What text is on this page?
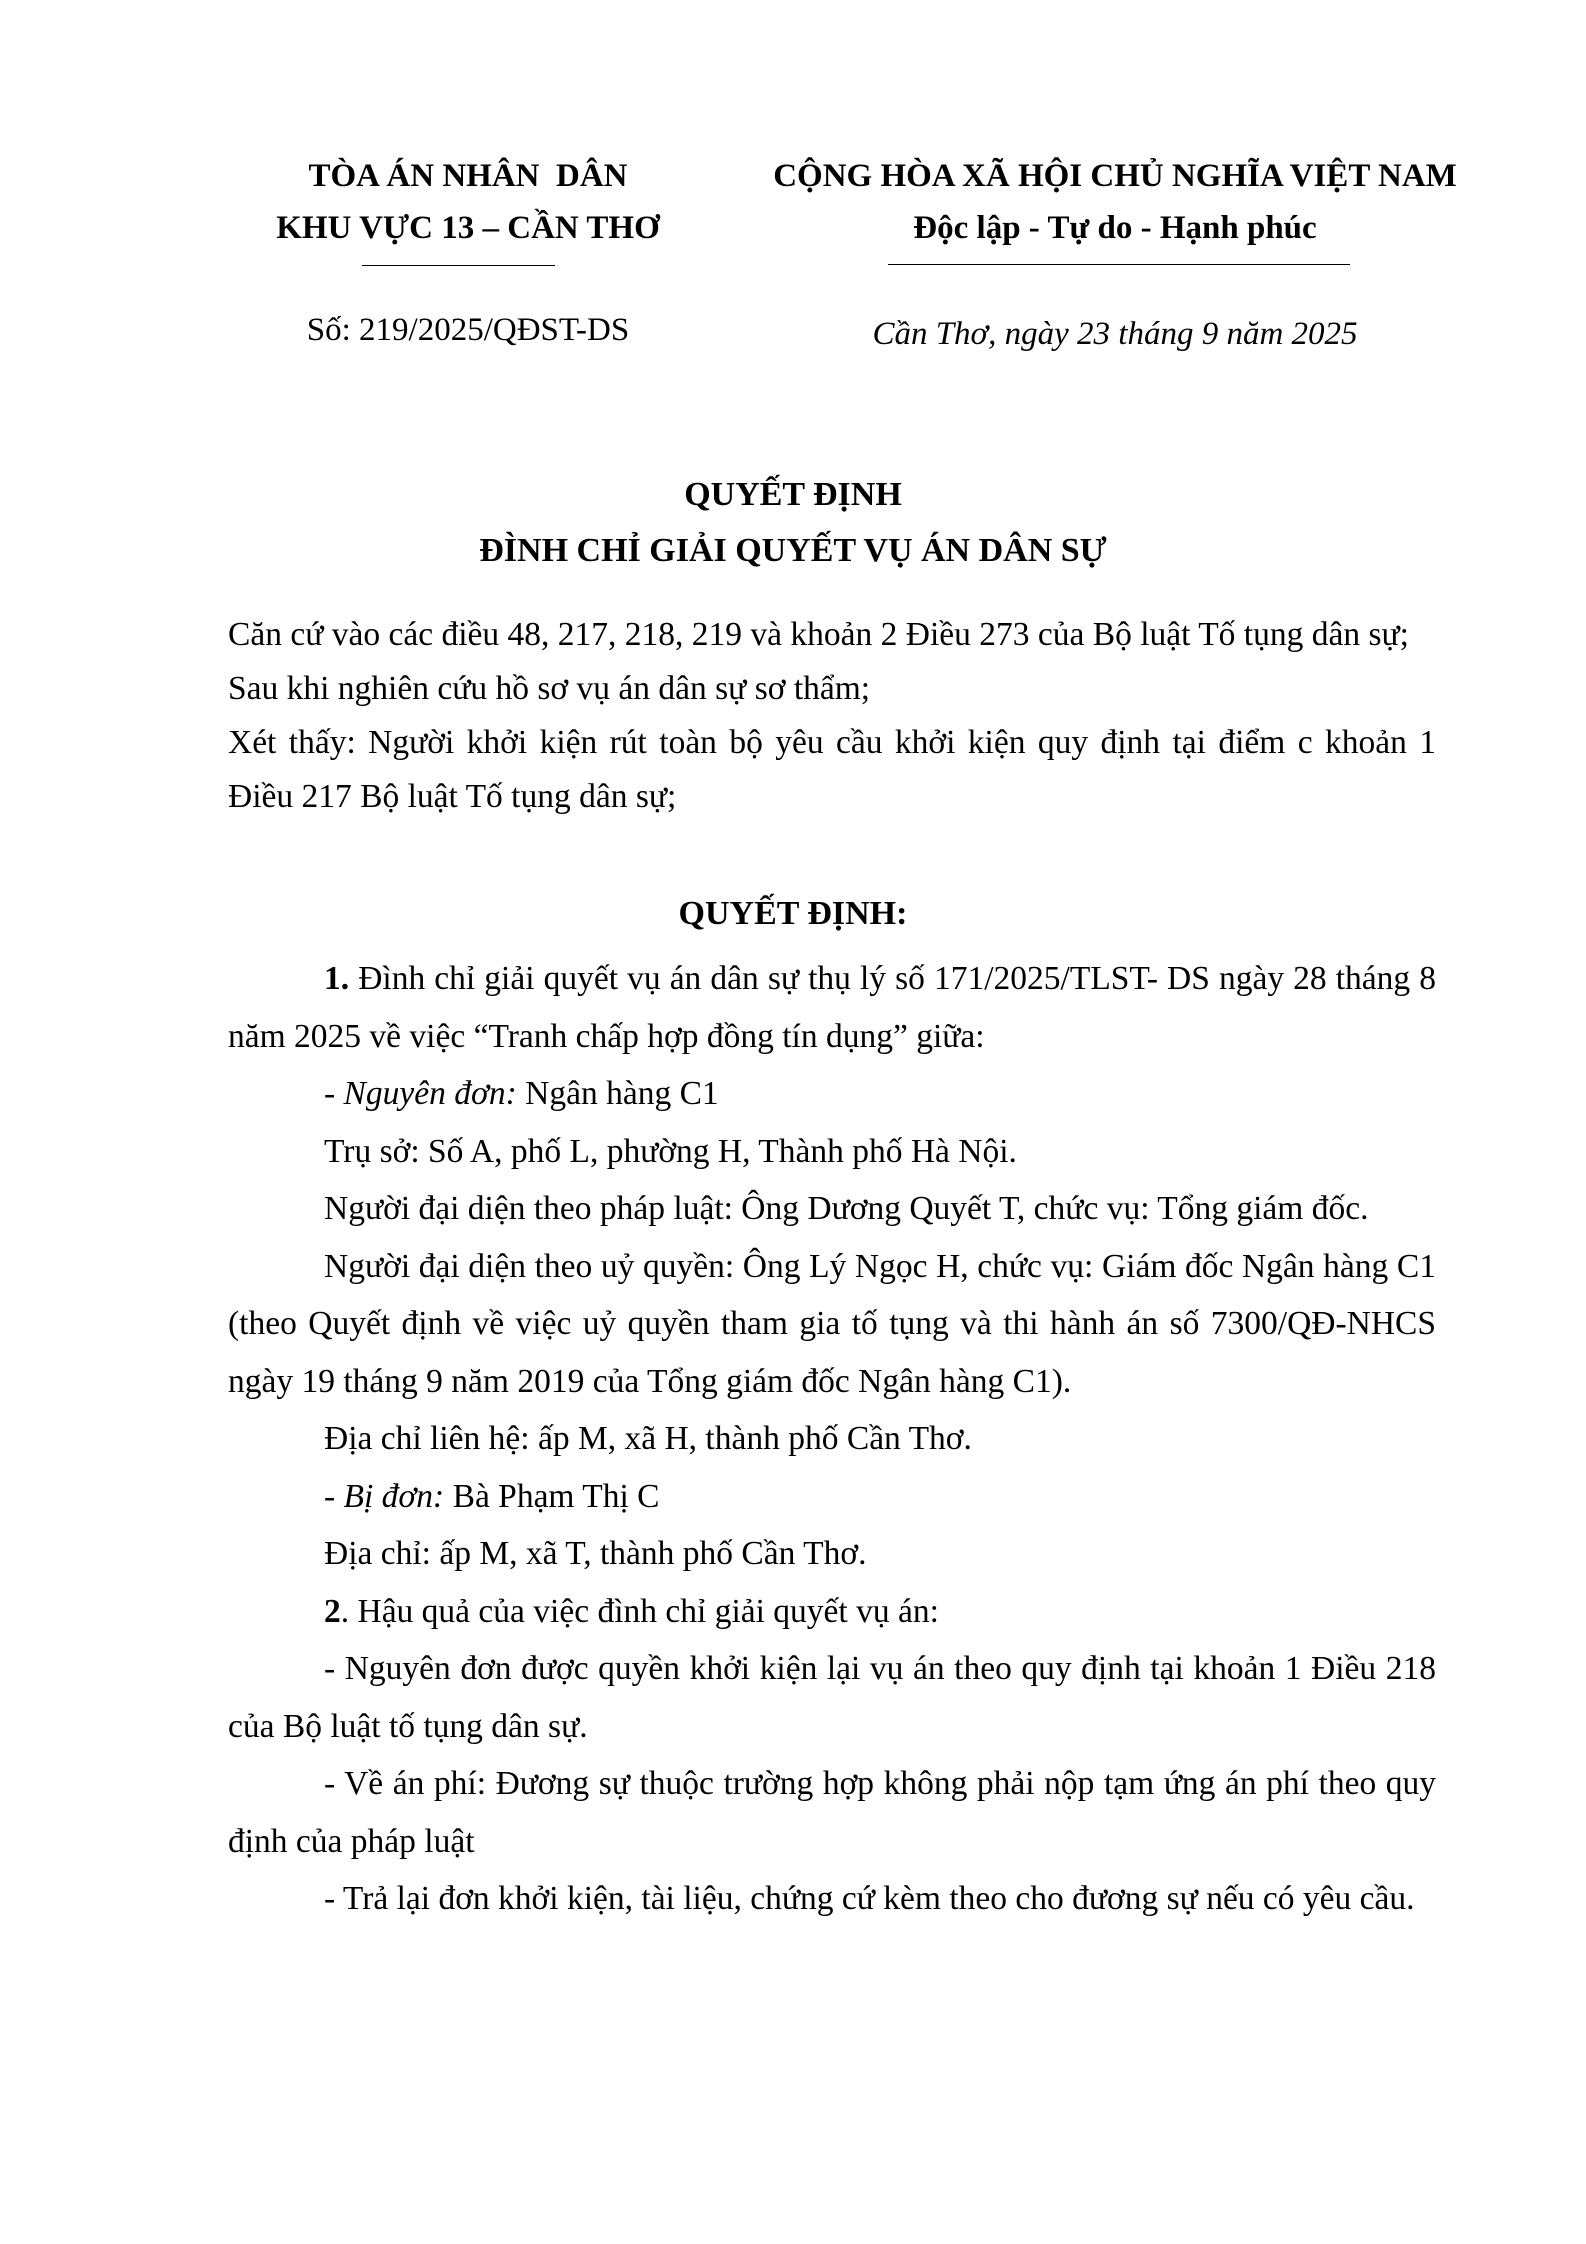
TÒA ÁN NHÂN  DÂN
KHU VỰC 13 – CẦN THƠ
Số: 219/2025/QĐST-DS
CỘNG HÒA XÃ HỘI CHỦ NGHĨA VIỆT NAM
Độc lập - Tự do - Hạnh phúc
Cần Thơ, ngày 23 tháng 9 năm 2025
QUYẾT ĐỊNH
ĐÌNH CHỈ GIẢI QUYẾT VỤ ÁN DÂN SỰ

Căn cứ vào các điều 48, 217, 218, 219 và khoản 2 Điều 273 của Bộ luật Tố tụng dân sự;

Sau khi nghiên cứu hồ sơ vụ án dân sự sơ thẩm;

Xét thấy: Người khởi kiện rút toàn bộ yêu cầu khởi kiện quy định tại điểm c khoản 1 Điều 217 Bộ luật Tố tụng dân sự;

QUYẾT ĐỊNH:

1. Đình chỉ giải quyết vụ án dân sự thụ lý số 171/2025/TLST- DS ngày 28 tháng 8 năm 2025 về việc “Tranh chấp hợp đồng tín dụng” giữa:

- Nguyên đơn: Ngân hàng C1

Trụ sở: Số A, phố L, phường H, Thành phố Hà Nội.

Người đại diện theo pháp luật: Ông Dương Quyết T, chức vụ: Tổng giám đốc.

Người đại diện theo uỷ quyền: Ông Lý Ngọc H, chức vụ: Giám đốc Ngân hàng C1 (theo Quyết định về việc uỷ quyền tham gia tố tụng và thi hành án số 7300/QĐ-NHCS ngày 19 tháng 9 năm 2019 của Tổng giám đốc Ngân hàng C1).

Địa chỉ liên hệ: ấp M, xã H, thành phố Cần Thơ.

- Bị đơn: Bà Phạm Thị C

Địa chỉ: ấp M, xã T, thành phố Cần Thơ.

2. Hậu quả của việc đình chỉ giải quyết vụ án:

- Nguyên đơn được quyền khởi kiện lại vụ án theo quy định tại khoản 1 Điều 218 của Bộ luật tố tụng dân sự.

- Về án phí: Đương sự thuộc trường hợp không phải nộp tạm ứng án phí theo quy định của pháp luật

- Trả lại đơn khởi kiện, tài liệu, chứng cứ kèm theo cho đương sự nếu có yêu cầu.
